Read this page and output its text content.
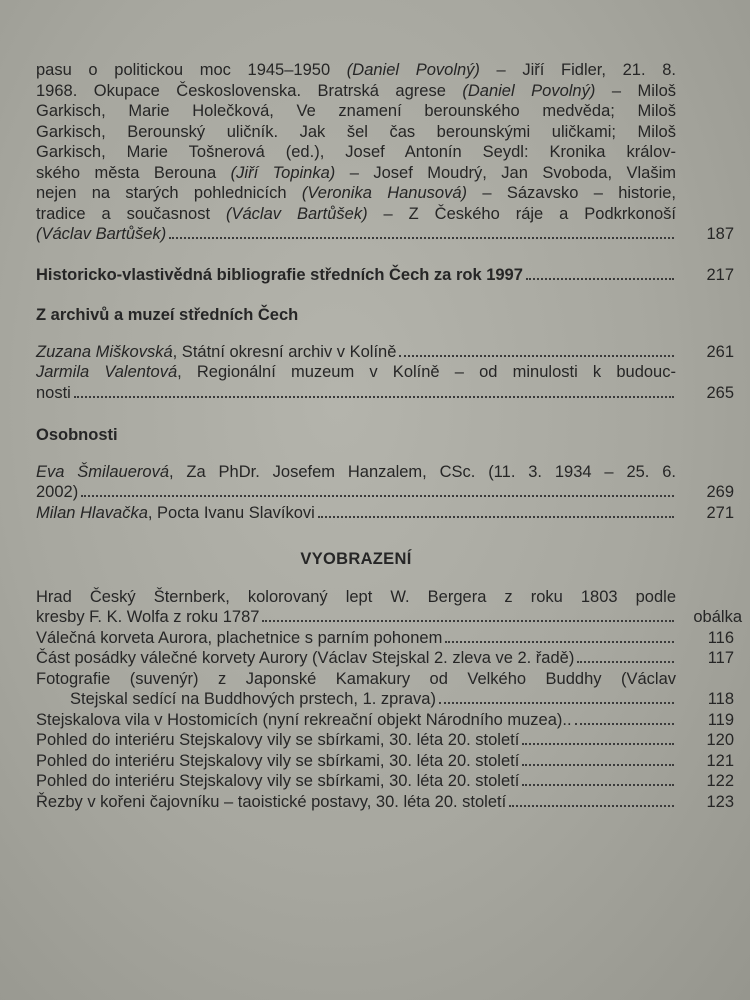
pasu o politickou moc 1945–1950 (Daniel Povolný) – Jiří Fidler, 21. 8.

1968. Okupace Československa. Bratrská agrese (Daniel Povolný) – Miloš

Garkisch, Marie Holečková, Ve znamení berounského medvěda; Miloš

Garkisch, Berounský uličník. Jak šel čas berounskými uličkami; Miloš

Garkisch, Marie Tošnerová (ed.), Josef Antonín Seydl: Kronika králov-

ského města Berouna (Jiří Topinka) – Josef Moudrý, Jan Svoboda, Vlašim

nejen na starých pohlednicích (Veronika Hanusová) – Sázavsko – historie,

tradice a současnost (Václav Bartůšek) – Z Českého ráje a Podkrkonoší

(Václav Bartůšek)	187
Historicko-vlastivědná bibliografie středních Čech za rok 1997	217
Z archivů a muzeí středních Čech
Zuzana Miškovská , Státní okresní archiv v Kolíně	261

Jarmila Valentová, Regionální muzeum v Kolíně – od minulosti k budouc-

nosti	265
Osobnosti

Eva Šmilauerová, Za PhDr. Josefem Hanzalem, CSc. (11. 3. 1934 – 25. 6.

2002)	269
Milan Hlavačka , Pocta Ivanu Slavíkovi	271
VYOBRAZENÍ

Hrad Český Šternberk, kolorovaný lept W. Bergera z roku 1803 podle

kresby F. K. Wolfa z roku 1787	obálka
Válečná korveta Aurora, plachetnice s parním pohonem	116
Část posádky válečné korvety Aurory (Václav Stejskal 2. zleva ve 2. řadě)	117

Fotografie (suvenýr) z Japonské Kamakury od Velkého Buddhy (Václav

Stejskal sedící na Buddhových prstech, 1. zprava)	118
Stejskalova vila v Hostomicích (nyní rekreační objekt Národního muzea)..	119
Pohled do interiéru Stejskalovy vily se sbírkami, 30. léta 20. století	120
Pohled do interiéru Stejskalovy vily se sbírkami, 30. léta 20. století	121
Pohled do interiéru Stejskalovy vily se sbírkami, 30. léta 20. století	122
Řezby v kořeni čajovníku – taoistické postavy, 30. léta 20. století	123
